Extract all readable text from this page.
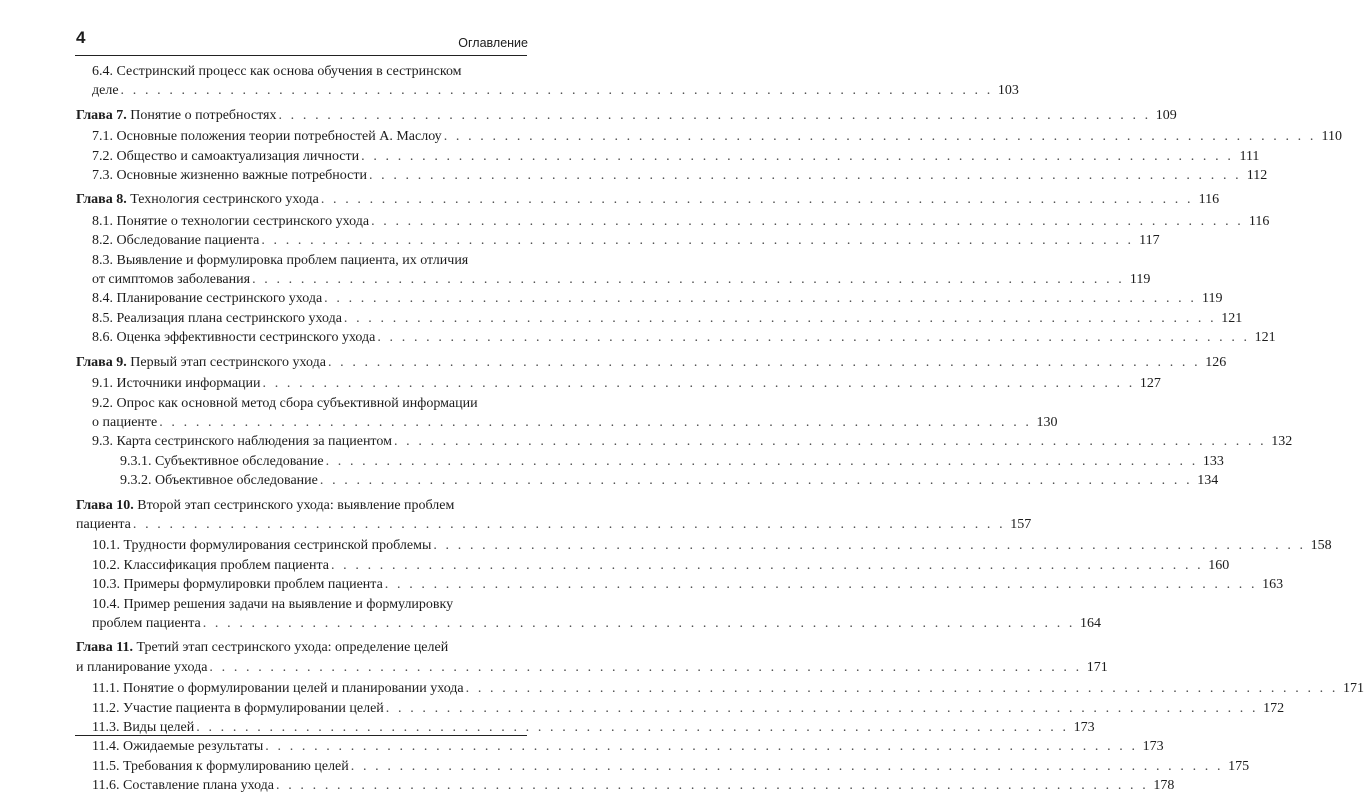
4	Оглавление
6.4. Сестринский процесс как основа обучения в сестринском
деле . . . . . . . . . . . . . . . . . . . . . . . . . . . . . . . . . . . . . . . . . . . . . . . . . . . . . . . . . . . . . . . . . . . . . . . . 103
Глава 7. Понятие о потребностях . . . . . . . . . . . . . . . . . . . . . . . . . . . . . . . . . . . . . . . . . . . . . . . . . . . . . . . . . . . . . . . . . . . . . . . . 109
7.1. Основные положения теории потребностей А. Маслоу . . . . . . . . . . . . . . . . . . . . . . . . . . . . . . . . . . . . . . . . . . . . . . . . . . . . . . . . . . . . . . . . . . . . . . . . 110
7.2. Общество и самоактуализация личности . . . . . . . . . . . . . . . . . . . . . . . . . . . . . . . . . . . . . . . . . . . . . . . . . . . . . . . . . . . . . . . . . . . . . . . . 111
7.3. Основные жизненно важные потребности . . . . . . . . . . . . . . . . . . . . . . . . . . . . . . . . . . . . . . . . . . . . . . . . . . . . . . . . . . . . . . . . . . . . . . . . 112
Глава 8. Технология сестринского ухода . . . . . . . . . . . . . . . . . . . . . . . . . . . . . . . . . . . . . . . . . . . . . . . . . . . . . . . . . . . . . . . . . . . . . . . . 116
8.1. Понятие о технологии сестринского ухода . . . . . . . . . . . . . . . . . . . . . . . . . . . . . . . . . . . . . . . . . . . . . . . . . . . . . . . . . . . . . . . . . . . . . . . . 116
8.2. Обследование пациента . . . . . . . . . . . . . . . . . . . . . . . . . . . . . . . . . . . . . . . . . . . . . . . . . . . . . . . . . . . . . . . . . . . . . . . . 117
8.3. Выявление и формулировка проблем пациента, их отличия
от симптомов заболевания . . . . . . . . . . . . . . . . . . . . . . . . . . . . . . . . . . . . . . . . . . . . . . . . . . . . . . . . . . . . . . . . . . . . . . . . 119
8.4. Планирование сестринского ухода . . . . . . . . . . . . . . . . . . . . . . . . . . . . . . . . . . . . . . . . . . . . . . . . . . . . . . . . . . . . . . . . . . . . . . . . 119
8.5. Реализация плана сестринского ухода . . . . . . . . . . . . . . . . . . . . . . . . . . . . . . . . . . . . . . . . . . . . . . . . . . . . . . . . . . . . . . . . . . . . . . . . 121
8.6. Оценка эффективности сестринского ухода . . . . . . . . . . . . . . . . . . . . . . . . . . . . . . . . . . . . . . . . . . . . . . . . . . . . . . . . . . . . . . . . . . . . . . . . 121
Глава 9. Первый этап сестринского ухода . . . . . . . . . . . . . . . . . . . . . . . . . . . . . . . . . . . . . . . . . . . . . . . . . . . . . . . . . . . . . . . . . . . . . . . . 126
9.1. Источники информации . . . . . . . . . . . . . . . . . . . . . . . . . . . . . . . . . . . . . . . . . . . . . . . . . . . . . . . . . . . . . . . . . . . . . . . . 127
9.2. Опрос как основной метод сбора субъективной информации
о пациенте . . . . . . . . . . . . . . . . . . . . . . . . . . . . . . . . . . . . . . . . . . . . . . . . . . . . . . . . . . . . . . . . . . . . . . . . 130
9.3. Карта сестринского наблюдения за пациентом . . . . . . . . . . . . . . . . . . . . . . . . . . . . . . . . . . . . . . . . . . . . . . . . . . . . . . . . . . . . . . . . . . . . . . . . 132
9.3.1. Субъективное обследование . . . . . . . . . . . . . . . . . . . . . . . . . . . . . . . . . . . . . . . . . . . . . . . . . . . . . . . . . . . . . . . . . . . . . . . . 133
9.3.2. Объективное обследование . . . . . . . . . . . . . . . . . . . . . . . . . . . . . . . . . . . . . . . . . . . . . . . . . . . . . . . . . . . . . . . . . . . . . . . . 134
Глава 10. Второй этап сестринского ухода: выявление проблем
пациента . . . . . . . . . . . . . . . . . . . . . . . . . . . . . . . . . . . . . . . . . . . . . . . . . . . . . . . . . . . . . . . . . . . . . . . . 157
10.1. Трудности формулирования сестринской проблемы . . . . . . . . . . . . . . . . . . . . . . . . . . . . . . . . . . . . . . . . . . . . . . . . . . . . . . . . . . . . . . . . . . . . . . . . 158
10.2. Классификация проблем пациента . . . . . . . . . . . . . . . . . . . . . . . . . . . . . . . . . . . . . . . . . . . . . . . . . . . . . . . . . . . . . . . . . . . . . . . . 160
10.3. Примеры формулировки проблем пациента . . . . . . . . . . . . . . . . . . . . . . . . . . . . . . . . . . . . . . . . . . . . . . . . . . . . . . . . . . . . . . . . . . . . . . . . 163
10.4. Пример решения задачи на выявление и формулировку
проблем пациента . . . . . . . . . . . . . . . . . . . . . . . . . . . . . . . . . . . . . . . . . . . . . . . . . . . . . . . . . . . . . . . . . . . . . . . . 164
Глава 11. Третий этап сестринского ухода: определение целей
и планирование ухода . . . . . . . . . . . . . . . . . . . . . . . . . . . . . . . . . . . . . . . . . . . . . . . . . . . . . . . . . . . . . . . . . . . . . . . . 171
11.1. Понятие о формулировании целей и планировании ухода . . . . . . . . . . . . . . . . . . . . . . . . . . . . . . . . . . . . . . . . . . . . . . . . . . . . . . . . . . . . . . . . . . . . . . . . 171
11.2. Участие пациента в формулировании целей . . . . . . . . . . . . . . . . . . . . . . . . . . . . . . . . . . . . . . . . . . . . . . . . . . . . . . . . . . . . . . . . . . . . . . . . 172
11.3. Виды целей . . . . . . . . . . . . . . . . . . . . . . . . . . . . . . . . . . . . . . . . . . . . . . . . . . . . . . . . . . . . . . . . . . . . . . . . 173
11.4. Ожидаемые результаты . . . . . . . . . . . . . . . . . . . . . . . . . . . . . . . . . . . . . . . . . . . . . . . . . . . . . . . . . . . . . . . . . . . . . . . . 173
11.5. Требования к формулированию целей . . . . . . . . . . . . . . . . . . . . . . . . . . . . . . . . . . . . . . . . . . . . . . . . . . . . . . . . . . . . . . . . . . . . . . . . 175
11.6. Составление плана ухода . . . . . . . . . . . . . . . . . . . . . . . . . . . . . . . . . . . . . . . . . . . . . . . . . . . . . . . . . . . . . . . . . . . . . . . . 178
